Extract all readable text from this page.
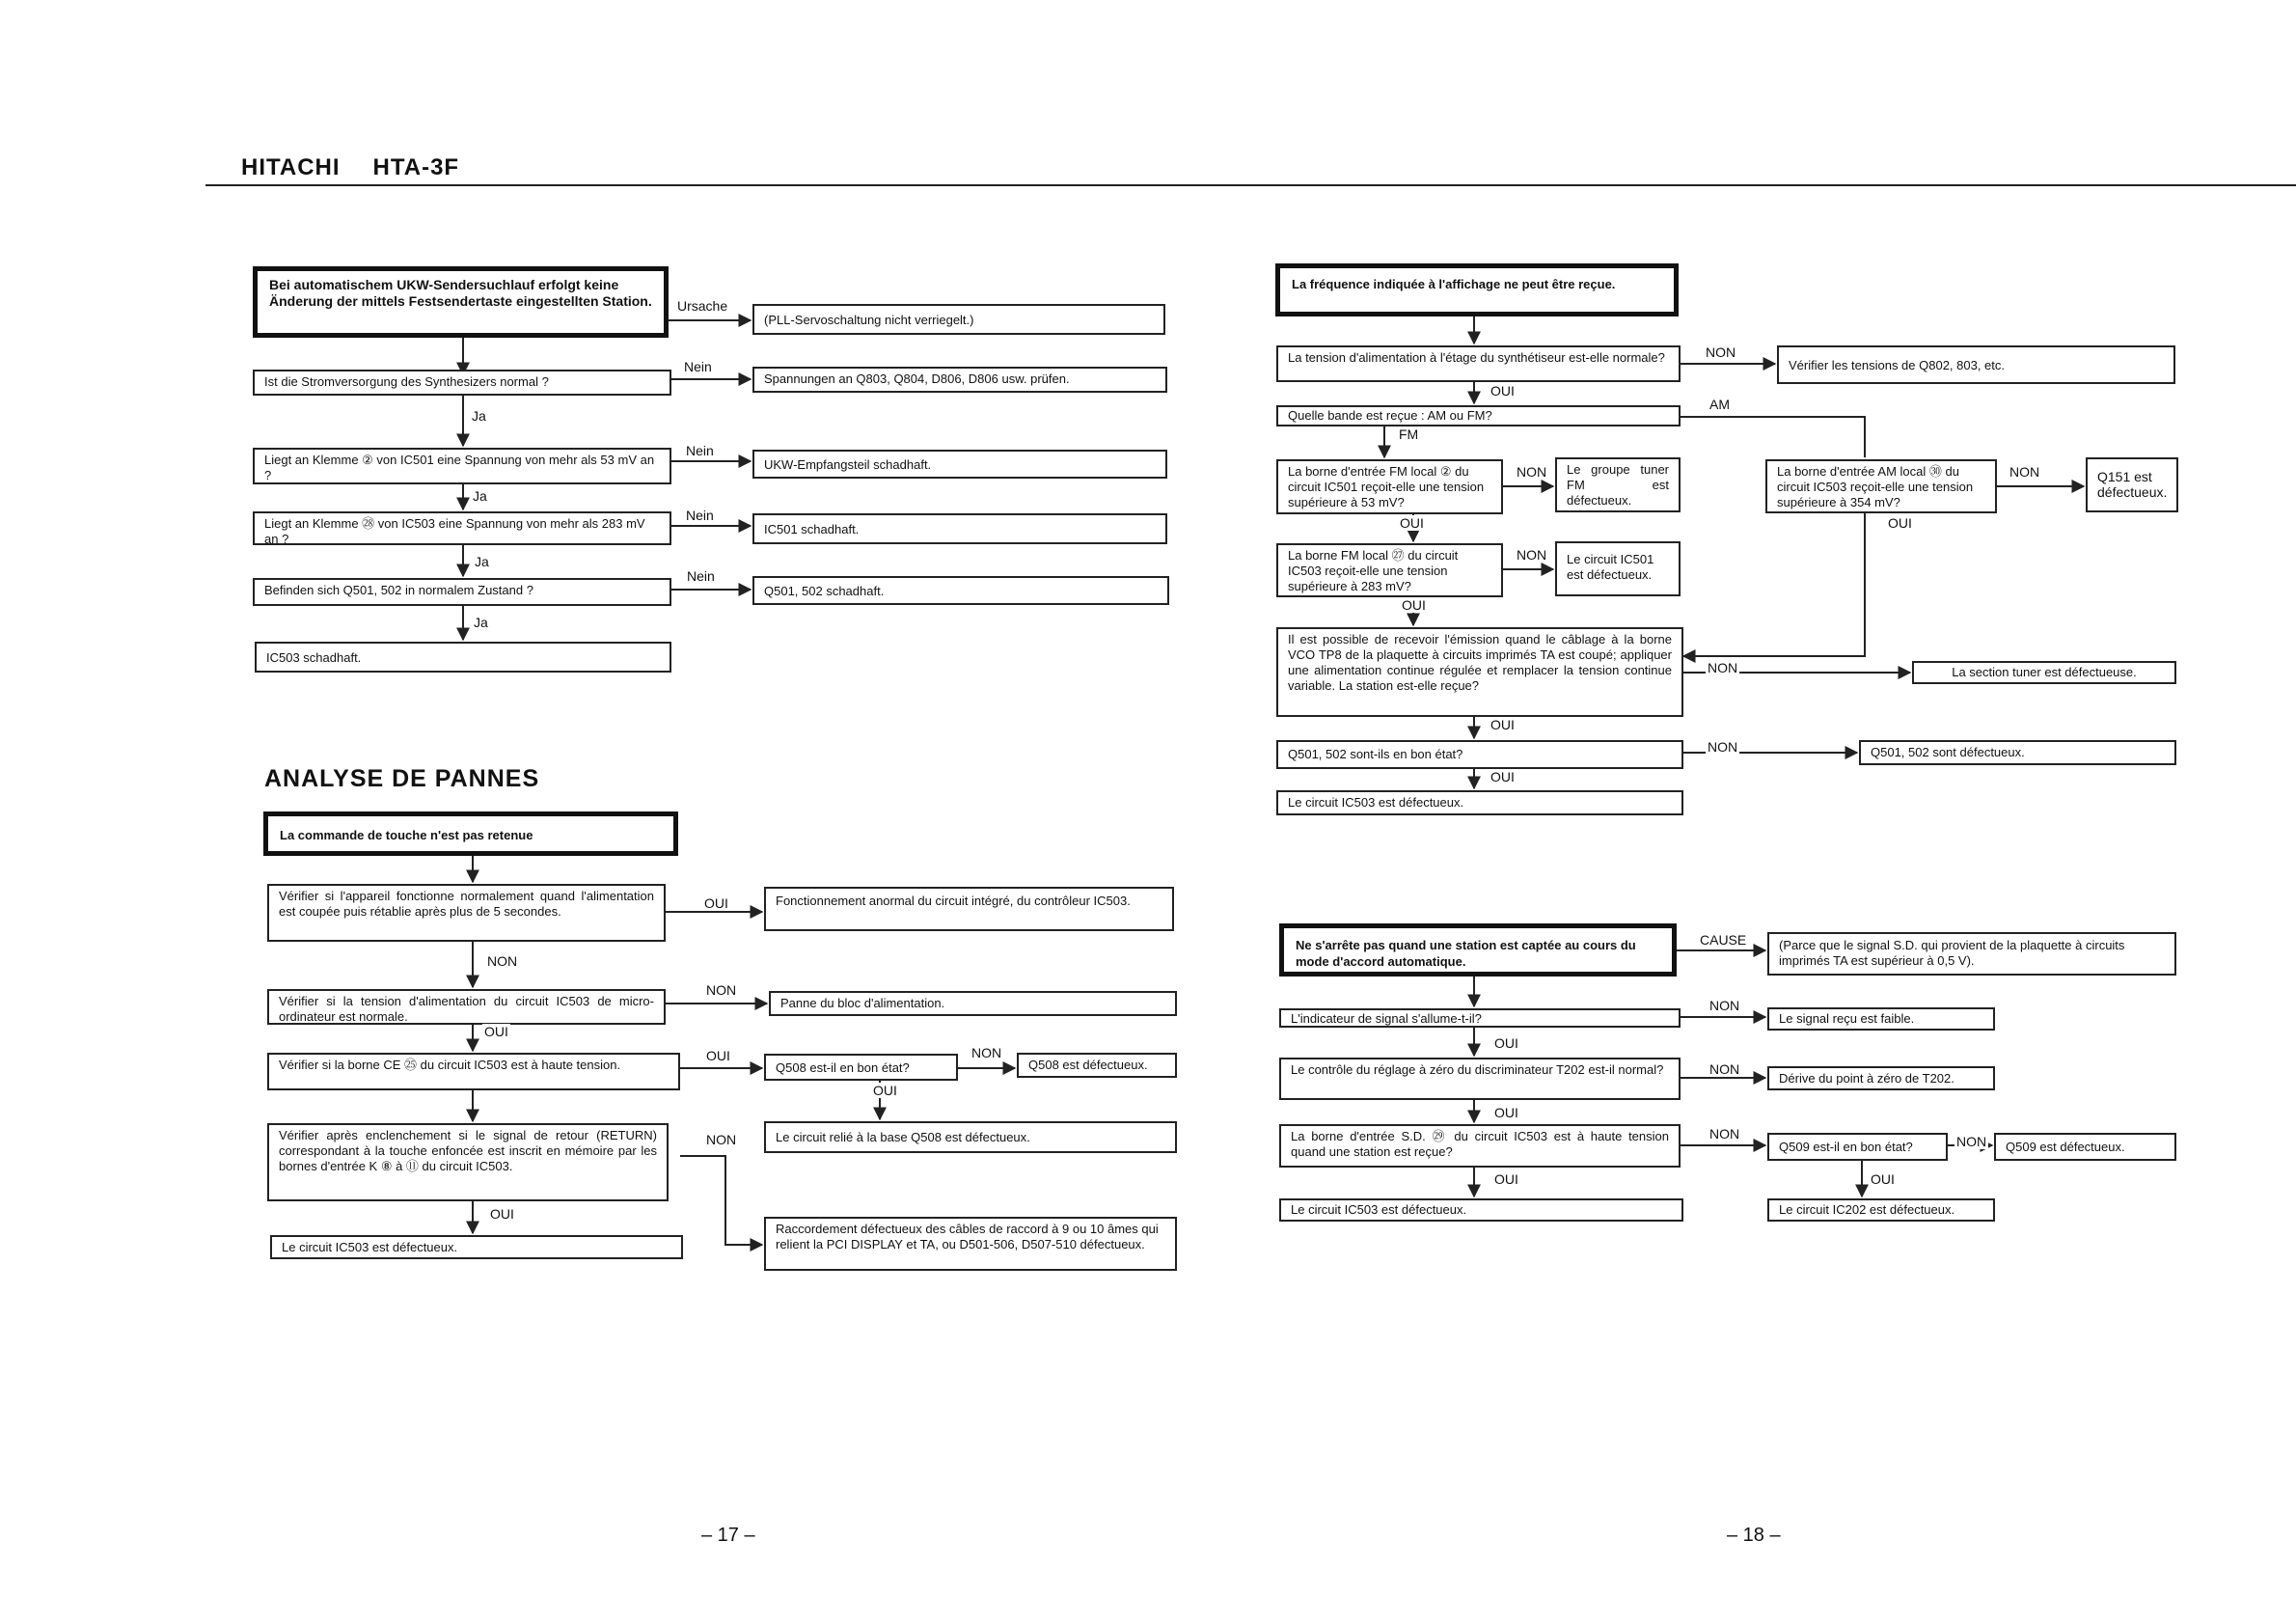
HITACHI HTA-3F
Bei automatischem UKW-Sendersuchlauf erfolgt keine Änderung der mittels Festsendertaste eingestellten Station.	Ursache
(PLL-Servoschaltung nicht verriegelt.)
Ist die Stromversorgung des Synthesizers normal ?
Nein
Spannungen an Q803, Q804, D806, D806 usw. prüfen.
Ja
Liegt an Klemme ② von IC501 eine Spannung von mehr als 53 mV an ?
Nein
UKW-Empfangsteil schadhaft.
Ja
Liegt an Klemme ㉘ von IC503 eine Spannung von mehr als 283 mV an ?
Nein
IC501 schadhaft.
Ja
Befinden sich Q501, 502 in normalem Zustand ?
Nein
Q501, 502 schadhaft.
Ja
IC503 schadhaft.
ANALYSE DE PANNES
La commande de touche n'est pas retenue
Vérifier si l'appareil fonctionne normalement quand l'alimentation est coupée puis rétablie après plus de 5 secondes.
OUI	Fonctionnement anormal du circuit intégré, du contrôleur IC503.
NON
Vérifier si la tension d'alimentation du circuit IC503 de micro-ordinateur est normale.
NON
Panne du bloc d'alimentation.
OUI
Vérifier si la borne CE ㉕ du circuit IC503 est à haute tension.
OUI
Q508 est-il en bon état?
NON
Q508 est défectueux.
OUI
Le circuit relié à la base Q508 est défectueux.
NON
Vérifier après enclenchement si le signal de retour (RETURN) correspondant à la touche enfoncée est inscrit en mémoire par les bornes d'entrée K ⑧ à ⑪ du circuit IC503.
OUI
Raccordement défectueux des câbles de raccord à 9 ou 10 âmes qui relient la PCI DISPLAY et TA, ou D501-506, D507-510 défectueux.
Le circuit IC503 est défectueux.
– 17 –
La fréquence indiquée à l'affichage ne peut être reçue.
La tension d'alimentation à l'étage du synthétiseur est-elle normale?	NON
Vérifier les tensions de Q802, 803, etc.
OUI
Quelle bande est reçue : AM ou FM?
AM
FM
La borne d'entrée FM local ② du circuit IC501 reçoit-elle une tension supérieure à 53 mV?
NON	Le groupe tuner FM est défectueux.
La borne d'entrée AM local ㉚ du circuit IC503 reçoit-elle une tension supérieure à 354 mV?
NON	Q151 est défectueux.
OUI
OUI
La borne FM local ㉗ du circuit IC503 reçoit-elle une tension supérieure à 283 mV?
NON	Le circuit IC501 est défectueux.
OUI
Il est possible de recevoir l'émission quand le câblage à la borne VCO TP8 de la plaquette à circuits imprimés TA est coupé; appliquer une alimentation continue régulée et remplacer la tension continue variable. La station est-elle reçue?
NON	La section tuner est défectueuse.
OUI
Q501, 502 sont-ils en bon état?	NON	Q501, 502 sont défectueux.
OUI
Le circuit IC503 est défectueux.
Ne s'arrête pas quand une station est captée au cours du mode d'accord automatique.
CAUSE	(Parce que le signal S.D. qui provient de la plaquette à circuits imprimés TA est supérieur à 0,5 V).
L'indicateur de signal s'allume-t-il?
NON
Le signal reçu est faible.
OUI
Le contrôle du réglage à zéro du discriminateur T202 est-il normal?	NON
Dérive du point à zéro de T202.
OUI
La borne d'entrée S.D. ㉙ du circuit IC503 est à haute tension quand une station est reçue?
NON
Q509 est-il en bon état?	NON	Q509 est défectueux.
OUI	OUI
Le circuit IC503 est défectueux.	Le circuit IC202 est défectueux.
– 18 –
